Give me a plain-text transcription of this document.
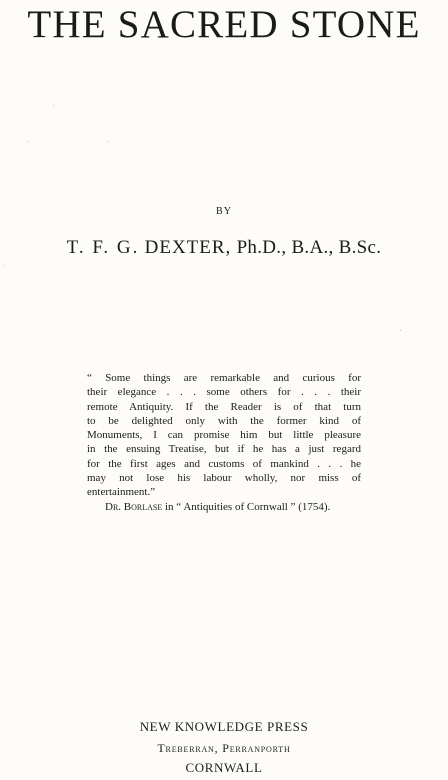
THE SACRED STONE
BY
T. F. G. DEXTER, Ph.D., B.A., B.Sc.
“ Some things are remarkable and curious for
their elegance . . . some others for . . . their
remote Antiquity. If the Reader is of that turn
to be delighted only with the former kind of
Monuments, I can promise him but little pleasure
in the ensuing Treatise, but if he has a just regard
for the first ages and customs of mankind . . . he
may not lose his labour wholly, nor miss of
entertainment.”
Dr. Borlase in “ Antiquities of Cornwall ” (1754).
NEW KNOWLEDGE PRESS
Treberran, Perranporth
CORNWALL
